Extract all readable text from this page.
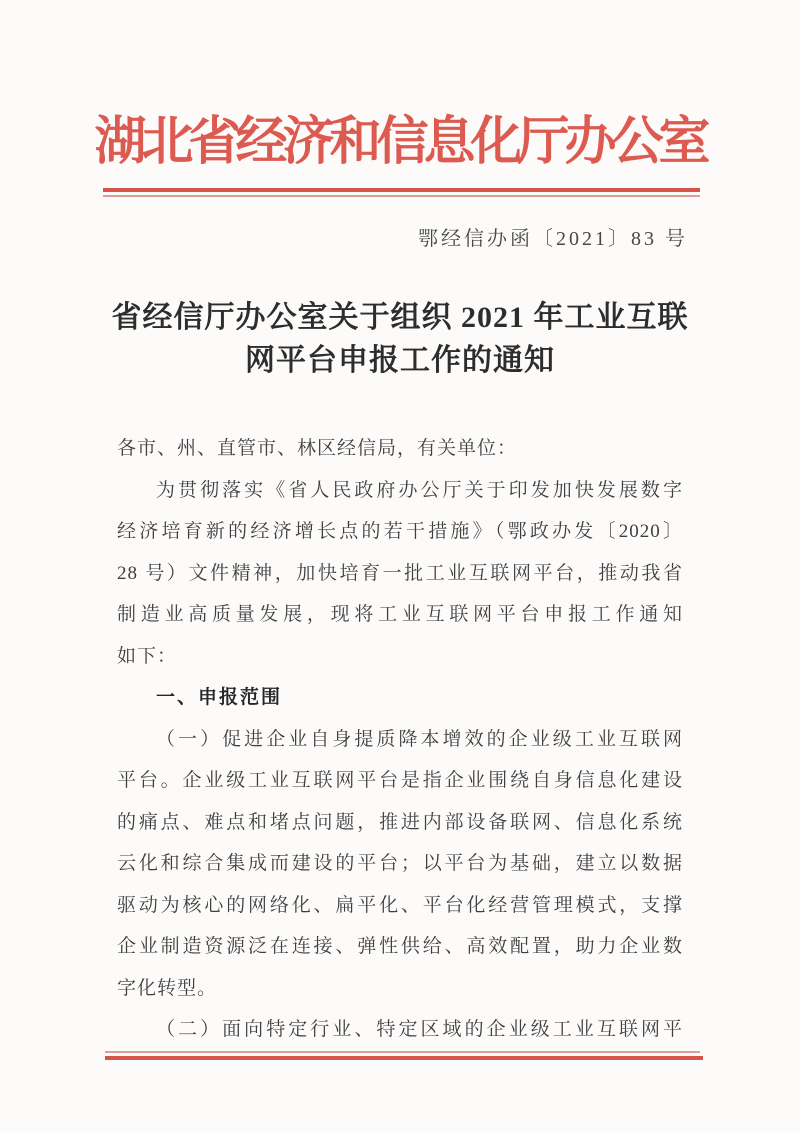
湖北省经济和信息化厅办公室
鄂经信办函〔2021〕83 号
省经信厅办公室关于组织 2021 年工业互联
网平台申报工作的通知
各市、州、直管市、林区经信局，有关单位：
为贯彻落实《省人民政府办公厅关于印发加快发展数字
经济培育新的经济增长点的若干措施》（鄂政办发〔2020〕
28 号）文件精神，加快培育一批工业互联网平台，推动我省
制造业高质量发展，现将工业互联网平台申报工作通知
如下：
一、申报范围
（一）促进企业自身提质降本增效的企业级工业互联网
平台。企业级工业互联网平台是指企业围绕自身信息化建设
的痛点、难点和堵点问题，推进内部设备联网、信息化系统
云化和综合集成而建设的平台；以平台为基础，建立以数据
驱动为核心的网络化、扁平化、平台化经营管理模式，支撑
企业制造资源泛在连接、弹性供给、高效配置，助力企业数
字化转型。
（二）面向特定行业、特定区域的企业级工业互联网平
